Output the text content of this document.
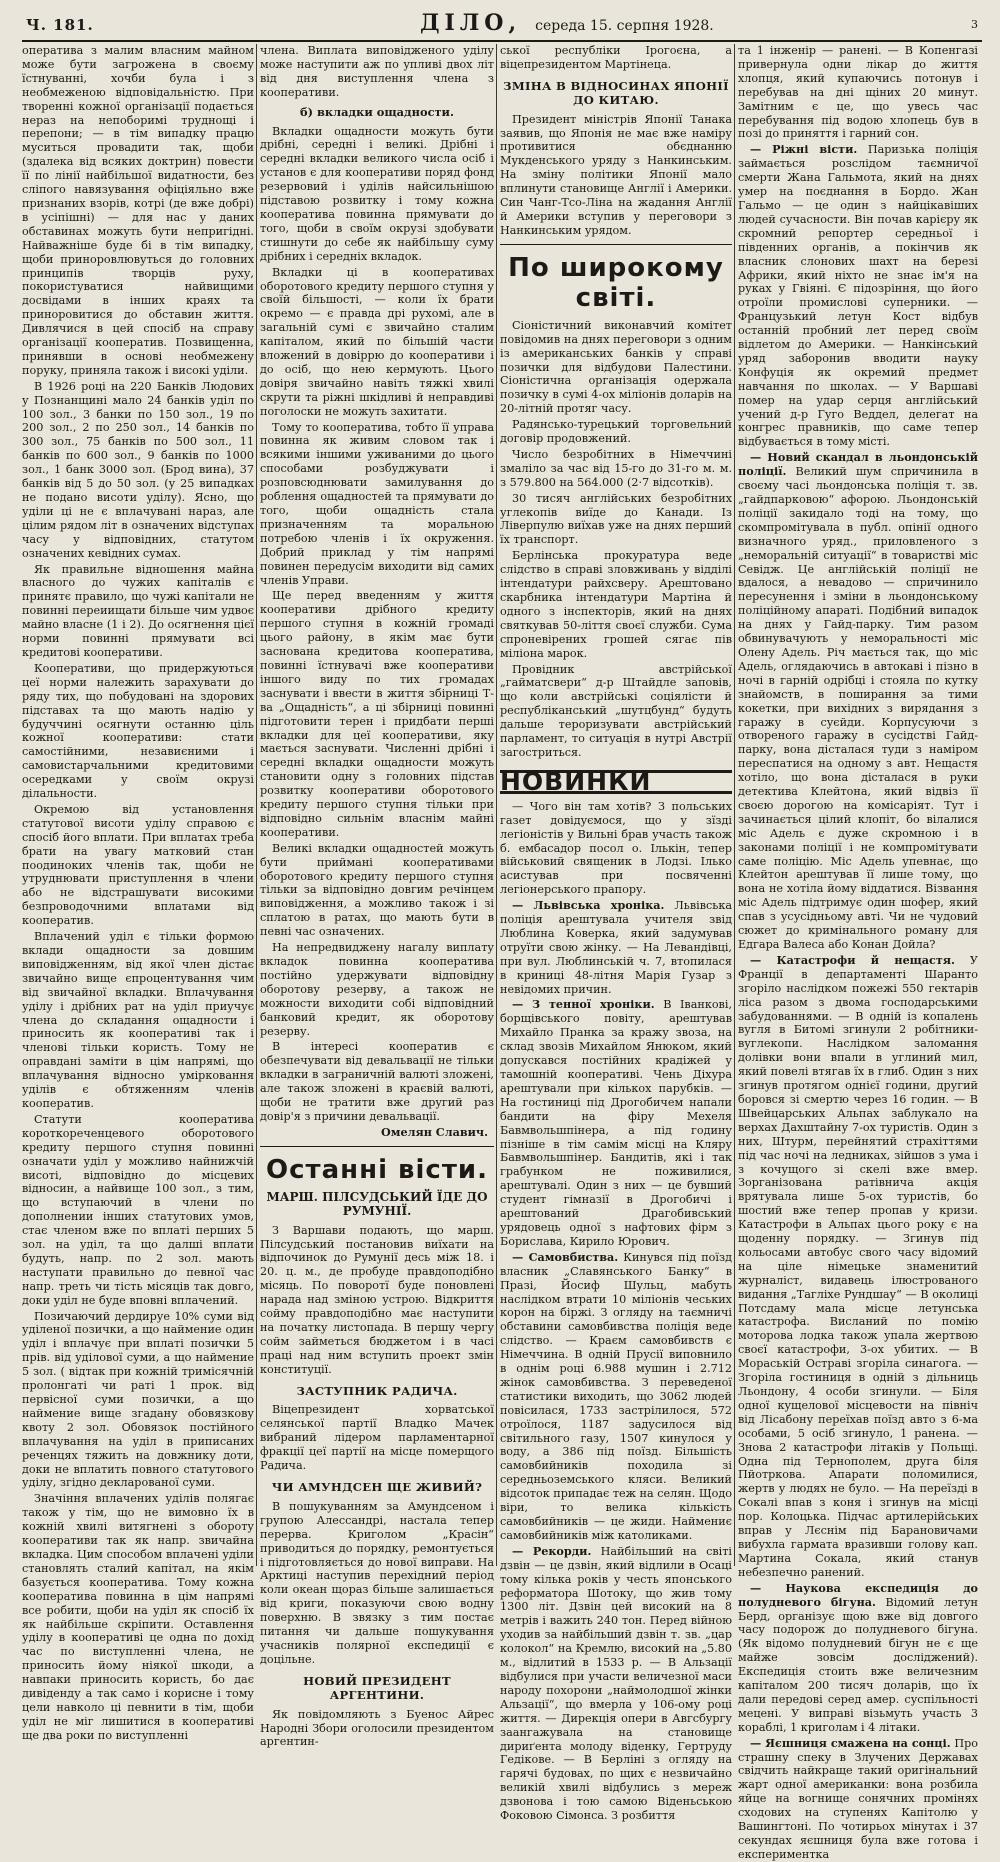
Ч. 181.	ДІЛО, середа 15. серпня 1928.	3

оператива з малим власним майном може бути загрожена в своєму їстнуванні, хочби була і з необмеженою відповідальністю. При творенні кожної організації подається нераз на непоборимі труднощі і перепони; — в тім випадку працю муситься провадити так, щоби (здалека від всяких доктрин) повести її по лінії найбільшої видатности, без сліпого навязування офіціяльно вже признаних взорів, котрі (де вже добрі) в усіпішні) — для нас у даних обставинах можуть бути непригідні. Найважніше буде бі в тім випадку, щоби приноровлювуться до головних принципів творців руху, покористуватися найвищими досвідами в інших краях та приноровитися до обставин життя. Дивлячися в цей спосіб на справу організації кооператив. Позвищенна, принявши в основі необмежену поруку, приняла також і високі уділи.

В 1926 році на 220 Банків Людових у Познанщині мало 24 банків уділ по 100 зол., 3 банки по 150 зол., 19 по 200 зол., 2 по 250 зол., 14 банків по 300 зол., 75 банків по 500 зол., 11 банків по 600 зол., 9 банків по 1000 зол., 1 банк 3000 зол. (Брод вина), 37 банків від 5 до 50 зол. (у 25 випадках не подано висоти уділу). Ясно, що уділи ці не є вплачувані нараз, але цілим рядом літ в означених відступах часу у відповідних, статутом означених кевідних сумах.

Як правильне відношення майна власного до чужих капіталів є принятє правило, що чужі капітали не повинні переиищати більше чим удвоє майно власне (1 і 2). До осягнення цієї норми повинні прямувати всі кредитові кооперативи.

Кооперативи, що придержуються цеї норми належить зарахувати до ряду тих, що побудовані на здорових підставах та що мають надію у будуччині осягнути останню ціль кожної кооперативи: стати самостійними, незавиєними і самовистарчальними кредитовими осередками у своїм окрузі ділальности.

Окремою від установлення статутової висоти уділу справою є спосіб його вплати. При вплатах треба брати на увагу матковий стан поодиноких членів так, щоби не утруднювати приступлення в члени або не відстрашувати високими безпроводочними вплатами від кооператив.

Вплачений уділ є тільки формою вклади ощадности за довшим виповідженням, від якої член дістає звичайно вище єпроцентування чим від звичайної вкладки. Вплачування уділу і дрібних рат на уділ приучує члена до складання ощадности і приносить як кооперативі так і членові тільки користь. Тому не оправдані заміти в цім напрямі, що вплачування відносно умірковання уділів є обтяженням членів кооператив.

Статути кооператива короткореченцевого оборотового кредиту першого ступня повинні означати уділ у можливо найнижчій висоті, відповідно до місцевих відносин, а найвище 100 зол., з тим, що вступаючий в члени по дополнении інших статутових умов, стає членом вже по вплаті перших 5 зол. на уділ, та що далші вплати будуть, напр. по 2 зол. мають наступати правильно до певної час напр. треть чи тість місяців так довго, доки уділ не буде вповні вплачений.

Позичаючий дердируе 10% суми від уділеної позички, а що наймение один уділ і вплачує при вплаті позички 5 прів. від уділової суми, а що наймение 5 зол. ( відтак при кожній тримісячній пролонгаті чи раті 1 прок. від первісної суми позички, а що наймение вище згадану обовязкову квоту 2 зол. Обовязок постійного вплачування на уділ в приписаних реченцях тяжить на довжнику доти, доки не вплатить повного статутового уділу, згідно декларованої суми.

Значіння вплачених уділів полягає також у тім, що не вимовно їх в кожній хвилі витягнені з обороту кооперативи так як напр. звичайна вкладка. Цим способом вплачені уділи становлять сталий капітал, на якім базується кооператива. Тому кожна кооператива повинна в цім напрямі все робити, щоби на уділ як спосіб їх як найбільше скріпити. Оставлення уділу в кооперативі це одна по дохід час по виступленні члена, не приносить йому ніякої шкоди, а навпаки приносить користь, бо дає дивіденду а так само і корисне і тому цели навколо ці певнити в тім, щоби уділ не міг лишитися в кооперативі ще два роки по виступленні

члена. Виплата виповідженого уділу може наступити аж по упливі двох літ від дня виступлення члена з кооперативи.

б) вкладки ощадности.

Вкладки ощадности можуть бути дрібні, середні і великі. Дрібні і середні вкладки великого числа осіб і установ є для кооперативи поряд фонд резервовий і уділів найсильнішою підставою розвитку і тому кожна кооператива повинна прямувати до того, щоби в своїм окрузі здобувати стишнути до себе як найбільшу суму дрібних і середніх вкладок.

Вкладки ці в кооперативах оборотового кредиту першого ступня у своїй більшості, — коли їх брати окремо — є правда дрі рухомі, але в загальній сумі є звичайно сталим капіталом, який по більшій части вложений в довіррю до кооперативи і до осіб, що нею кермують. Цього довіря звичайно навіть тяжкі хвилі скрути та ріжні шкідливі й неправдиві поголоски не можуть захитати.

Тому то кооператива, тобто її управа повинна як живим словом так і всякими іншими уживаними до цього способами розбуджувати і розповсюднювати замилування до роблення ощадностей та прямувати до того, щоби ощадність стала призначенням та моральною потребою членів і їх окруження. Добрий приклад у тім напрямі повинен передусім виходити від самих членів Управи.

Ще перед введенням у життя кооперативи дрібного кредиту першого ступня в кожній громаді цього району, в якім має бути заснована кредитова кооператива, повинні їстнувачі вже кооперативи іншого виду по тих громадах заснувати і ввести в життя збірниці Т-ва „Ощадність“, а ці збірниці повинні підготовити терен і придбати перші вкладки для цеї кооперативи, яку мається заснувати. Численні дрібні і середні вкладки ощадности можуть становити одну з головних підстав розвитку кооперативи оборотового кредиту першого ступня тільки при відповідно сильнім власнім майні кооперативи.

Великі вкладки ощадностей можуть бути приймані кооперативами оборотового кредиту першого ступня тільки за відповідно довгим речінцем виповідження, а можливо також і зі сплатою в ратах, що мають бути в певні час означених.

На непредвиджену нагалу виплату вкладок повинна кооператива постійно удержувати відповідну оборотову резерву, а також не можности виходити собі відповідний банковий кредит, як оборотову резерву.

В інтересі кооператив є обезпечувати від девальвації не тільки вкладки в заграничній валюті зложені, але також зложені в краєвій валюті, щоби не тратити вже другий раз довір'я з причини девальвації.

Омелян Славич.
Останні вісти.
МАРШ. ПІЛСУДСЬКИЙ ЇДЕ ДО РУМУНІЇ.

З Варшави подають, що марш. Пілсудський постановив виїхати на відпочинок до Румунії десь між 18. і 20. ц. м., де пробуде правдоподібно місяць. По поворотї буде поновлені нарада над зміною устрою. Відкриття сойму правдоподібно має наступити на початку листопада. В першу чергу сойм займеться бюджетом і в часі праці над ним вступить проект змін конституції.

ЗАСТУПНИК РАДИЧА.

Віцепрезидент хорватської селянської партії Владко Мачек вибраний лідером парламентарної фракції цеї партії на місце померщого Радича.

ЧИ АМУНДСЕН ЩЕ ЖИВИЙ?

В пошукуванням за Амундсеном і групою Алессандрі, настала тепер перерва. Криголом „Красін“ приводиться до порядку, ремонтується і підготовляється до нової виправи. На Арктиці наступив перехідний період коли океан щораз більше залишається від криги, показуючи свою водну поверхню. В звязку з тим постає питання чи дальше пошукування учасників полярної експедиції є доцільне.

НОВИЙ ПРЕЗИДЕНТ АРГЕНТИНИ.

Як повідомляють з Буенос Айрес Народні Збори оголосили президентом аргентин-

ської республіки Ірогоєна, а віцепрезидентом Мартінеца.

ЗМІНА В ВІДНОСИНАХ ЯПОНІЇ ДО КИТАЮ.

Президент міністрів Японії Танака заявив, що Японія не має вже наміру противитися обєднанню Мукденського уряду з Нанкинським. На зміну політики Японії мало вплинути становище Англії і Америки. Син Чанг-Тсо-Ліна на жадання Англії й Америки вступив у переговори з Нанкинським урядом.

По широкому світі.

Сіоністичний виконавчий комітет повідомив на днях переговори з одним із американських банків у справі позички для відбудови Палестини. Сіоністична організація одержала позичку в сумі 4-ох міліонів доларів на 20-літній протяг часу.

Радянсько-турецький торговельний договір продовжений.

Число безробітних в Німеччині змаліло за час від 15-го до 31-го м. м. з 579.800 на 564.000 (2·7 відсотків).

30 тисяч англійських безробітних углекопів виїде до Канади. Із Ліверпулю виїхав уже на днях перший їх транспорт.

Берлінська прокуратура веде слідство в справі зловживань у відділі інтендатури райхсверу. Арештовано скарбника інтендатури Мартіна й одного з інспекторів, який на днях святкував 50-ліття своєї служби. Сума спроневірених грошей сягає пів міліона марок.

Провідник австрійської „гайматсвери“ д-р Штайдле заповів, що коли австрійські соціялісти й республіканський „шутцбунд“ будуть дальше тероризувати австрійський парламент, то ситуація в нутрі Австрії загостриться.

НОВИНКИ

— Чого він там хотів? З польських газет довідуємося, що у зїзді легіоністів у Вильні брав участь також б. ембасадор посол о. Ількін, тепер військовий священик в Лодзі. Ілько асистував при посвяченні легіонерського прапору.

— Львівська хроніка. Львівська поліція арештувала учителя звід Люблина Коверка, який задумував отруїти свою жінку. — На Левандівці, при вул. Люблинській ч. 7, втопилася в криниці 48-літня Марія Гузар з невідомих причин.

— З тенної хроніки. В Іванкові, борщівського повіту, арештував Михайло Пранка за кражу звоза, на склад звозів Михайлом Янюком, який допускався постійних крадіжей у тамошній кооперативі. Чень Діхура арештували при кількох парубків. — На гостиниці під Дрогобичем напали бандити на фіру Мехеля Бавмвольшпінера, а під годину пізніше в тім самім місці на Кляру Бавмвольшпінер. Бандитів, які і так грабунком не поживилися, арештувалі. Один з них — це бувший студент гімназії в Дрогобичі і арештований Драгобивський урядовець одної з нафтових фірм з Борислава, Кирило Юрович.

— Самовбиства. Кинувся під поїзд власник „Славянського Банку“ в Празі, Йосиф Шульц, мабуть наслідком втрати 10 міліонів чеських корон на біржі. З огляду на таємничі обставини самовбивства поліція веде слідство. — Краєм самовбивств є Німеччина. В одній Прусії виповнило в однім році 6.988 мушин і 2.712 жінок самовбивства. З переведеної статистики виходить, що 3062 людей повісилася, 1733 застрілилося, 572 отроїлося, 1187 задусилося від світильного газу, 1507 кинулося у воду, а 386 під поїзд. Більшість самовбийників походила зі середньоземського кляcи. Великий відсоток припадає теж на селян. Щодо віри, то велика кількість самовбийників — це жиди. Наймениє самовбийників між католиками.

— Рекорди. Найбільший на світі дзвін — це дзвін, який відлили в Осаці тому кілька років у честь японського реформатора Шотоку, що жив тому 1300 літ. Дзвін цей високий на 8 метрів і важить 240 тон. Перед війною уходив за найбільший дзвін т. зв. „цар колокол“ на Кремлю, високий на „5.80 м., відлитий в 1533 р. — В Альзації відбулися при участи величезної маси народу похорони „наймолодшої жінки Альзації“, що вмерла у 106-ому році життя. — Дирекція опери в Авгсбургу заангажувала на становище дириґента молоду віденку, Гертруду Гедікове. — В Берліні з огляду на гарячі будоваx, по щих є незвичайно великій хвилі відбулись з мереж дзвонова і тою самою Віденьською Фоковою Сімонса. З розбиття

та 1 інженір — ранені. — В Копенгазі привернула одни лікар до життя хлопця, який купаючись потонув і перебував на дні щіних 20 минут. Замітним є це, що увесь час перебування під водою хлопець був в позі до приняття і гарний сон.

— Ріжні вісти. Паризька поліція займається розслідом таємничої смерти Жана Гальмота, який на днях умер на поєднання в Бордо. Жан Гальмо — це один з найцікавіших людей сучасности. Він почав карієру як скромний репортер середньої і південних органів, а покінчив як власник слонових шахт на березі Африки, який ніхто не знає ім'я на руках у Гвіяні. Є підозріння, що його отроїли промислові суперники. — Французький летун Кост відбув останній пробний лет перед своїм відлетом до Америки. — Нанкінський уряд заборонив вводити науку Конфуція як окремий предмет навчання по школах. — У Варшаві помер на удар серця англійський учений д-р Гуго Веддел, делегат на конгрес правників, що саме тепер відбувається в тому місті.

— Новий скандал в льондонській поліції. Великий шум спричинила в своєму часі льондонська поліція т. зв. „гайдпарковою“ афорою. Льондонській поліції закидало тоді на тому, що скомпромітувала в публ. опінії одного визначного уряд., приловленого з „неморальній ситуації“ в товаристві міс Севідж. Це англійській поліції не вдалося, а невадово — спричинило пересунення і зміни в льондонському поліційному апараті. Подібний випадок на днях у Гайд-парку. Тим разом обвинувачують у неморальності міс Олену Адель. Річ мається так, що міс Адель, оглядаючись в автокаві і пізно в ночі в гарній одрібці і стояла по кутку знайомств, в поширання за тими кокетки, при вихідних з вирядання з гаражу в суєйди. Корпусуючи з отвореного гаражу в сусідстві Гайд-парку, вона дісталася туди з наміром переспатися на одному з авт. Нещастя хотіло, що вона дісталася в руки детектива Клейтона, який відвіз її своєю дорогою на комісаріят. Тут і зачинається цілий клопіт, бо вілалися міс Адель є дуже скромною і в законами поліції і не компромітувати саме поліцію. Міс Адель упевнає, що Клейтон арештував її лише тому, що вона не хотіла йому віддатися. Візвання міс Адель підтримує один шофер, який спав з усусідньому авті. Чи не чудовий сюжет до кримінального роману для Едгара Валеса або Конан Дойла?

— Катастрофи й нещастя. У Франції в департаменті Шаранто згоріло наслідком пожежі 550 гектарів ліса разом з двома господарськими забудованнями. — В одній із копалень вугля в Битомі згинули 2 робітники-вуглекопи. Наслідком заломання долівки вони впали в углиний мил, який повелі втягав їх в глиб. Один з них згинув протягом однієї години, другий боровся зі смертю через 16 годин. — В Швейцарських Альпах заблукало на верхах Дахштайну 7-ох туристів. Один з них, Штурм, перейнятий страхіттями під час ночі на ледниках, зійшов з ума і з кочущого зі скелі вже вмер. Зорганізована ратівнича акція врятувала лише 5-ох туристів, бо шостий вже тепер пропав у кризи. Катастрофи в Альпах цього року є на щоденну порядку. — Згинув під кольосами автобус свого часу відомий на ціле німецьке знаменитий журналіст, видавець ілюстрованого видання „Тагліхе Рундшау“ — В околиці Потсдаму мала місце летунська катастрофа. Висланий по помію моторова лодка також упала жертвою своєї катастрофи, 3-ох убитих. — В Мораській Остраві згоріла синагога. — Згоріла гостиниця в одній з дільниць Льондону, 4 особи згинули. — Біля одної кущелової місцевости на північ від Лісабону переїхав поїзд авто з 6-ма особами, 5 осіб згинуло, 1 ранена. — Знова 2 катастрофи літаків у Польщі. Одна під Тернополем, друга біля Пйотркова. Апарати поломилися, жертв у людях не було. — На переїзді в Сокалі впав з коня і згинув на місці пор. Колоцька. Підчас артилерійських вправ у Лєснім під Барановичами вибухла гармата вразивши голову кап. Мартина Сокала, який станув небезпечно ранений.

— Наукова експедиція до полудневого бігуна. Відомий летун Берд, організує щою вже від довгого часу подорож до полудневого бігуна. (Як відомо полудневий бігун не є ще майже зовсім досліджений). Експедиція стоить вже величезним капіталом 200 тисяч доларів, що їх дали передові серед амер. суспільності мецені. У виправі візьмуть участь 3 кораблі, 1 криголам і 4 літаки.

— Яєшниця смажена на сонці. Про страшну спеку в Злучених Державах свідчить найкраще такий оригінальний жарт одної американки: вона розбила яйце на вогнище сонячних промінях сходових на ступенях Капітолю у Вашингтоні. По чотирьох мінутах і 37 секундах яєшниця була вже готова і експериментка
